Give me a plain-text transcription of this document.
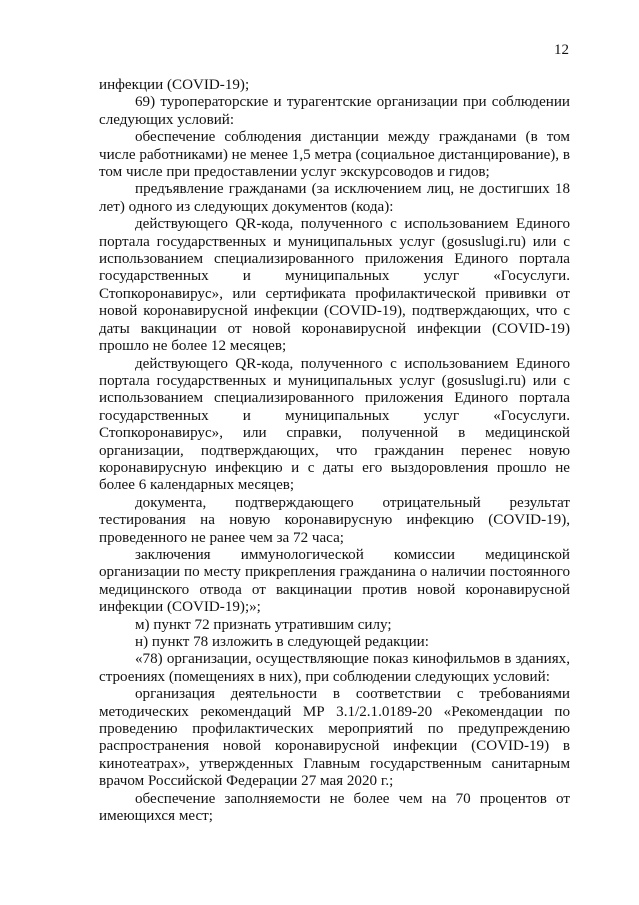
12

инфекции (COVID-19);

69) туроператорские и турагентские организации при соблюдении следующих условий:

обеспечение соблюдения дистанции между гражданами (в том числе работниками) не менее 1,5 метра (социальное дистанцирование), в том числе при предоставлении услуг экскурсоводов и гидов;

предъявление гражданами (за исключением лиц, не достигших 18 лет) одного из следующих документов (кода):

действующего QR-кода, полученного с использованием Единого портала государственных и муниципальных услуг (gosuslugi.ru) или с использованием специализированного приложения Единого портала государственных и муниципальных услуг «Госуслуги. Стопкоронавирус», или сертификата профилактической прививки от новой коронавирусной инфекции (COVID-19), подтверждающих, что с даты вакцинации от новой коронавирусной инфекции (COVID-19) прошло не более 12 месяцев;

действующего QR-кода, полученного с использованием Единого портала государственных и муниципальных услуг (gosuslugi.ru) или с использованием специализированного приложения Единого портала государственных и муниципальных услуг «Госуслуги. Стопкоронавирус», или справки, полученной в медицинской организации, подтверждающих, что гражданин перенес новую коронавирусную инфекцию и с даты его выздоровления прошло не более 6 календарных месяцев;

документа, подтверждающего отрицательный результат тестирования на новую коронавирусную инфекцию (COVID-19), проведенного не ранее чем за 72 часа;

заключения иммунологической комиссии медицинской организации по месту прикрепления гражданина о наличии постоянного медицинского отвода от вакцинации против новой коронавирусной инфекции (COVID-19);»;

м) пункт 72 признать утратившим силу;

н) пункт 78 изложить в следующей редакции:

«78) организации, осуществляющие показ кинофильмов в зданиях, строениях (помещениях в них), при соблюдении следующих условий:

организация деятельности в соответствии с требованиями методических рекомендаций МР 3.1/2.1.0189-20 «Рекомендации по проведению профилактических мероприятий по предупреждению распространения новой коронавирусной инфекции (COVID-19) в кинотеатрах», утвержденных Главным государственным санитарным врачом Российской Федерации 27 мая 2020 г.;

обеспечение заполняемости не более чем на 70 процентов от имеющихся мест;
